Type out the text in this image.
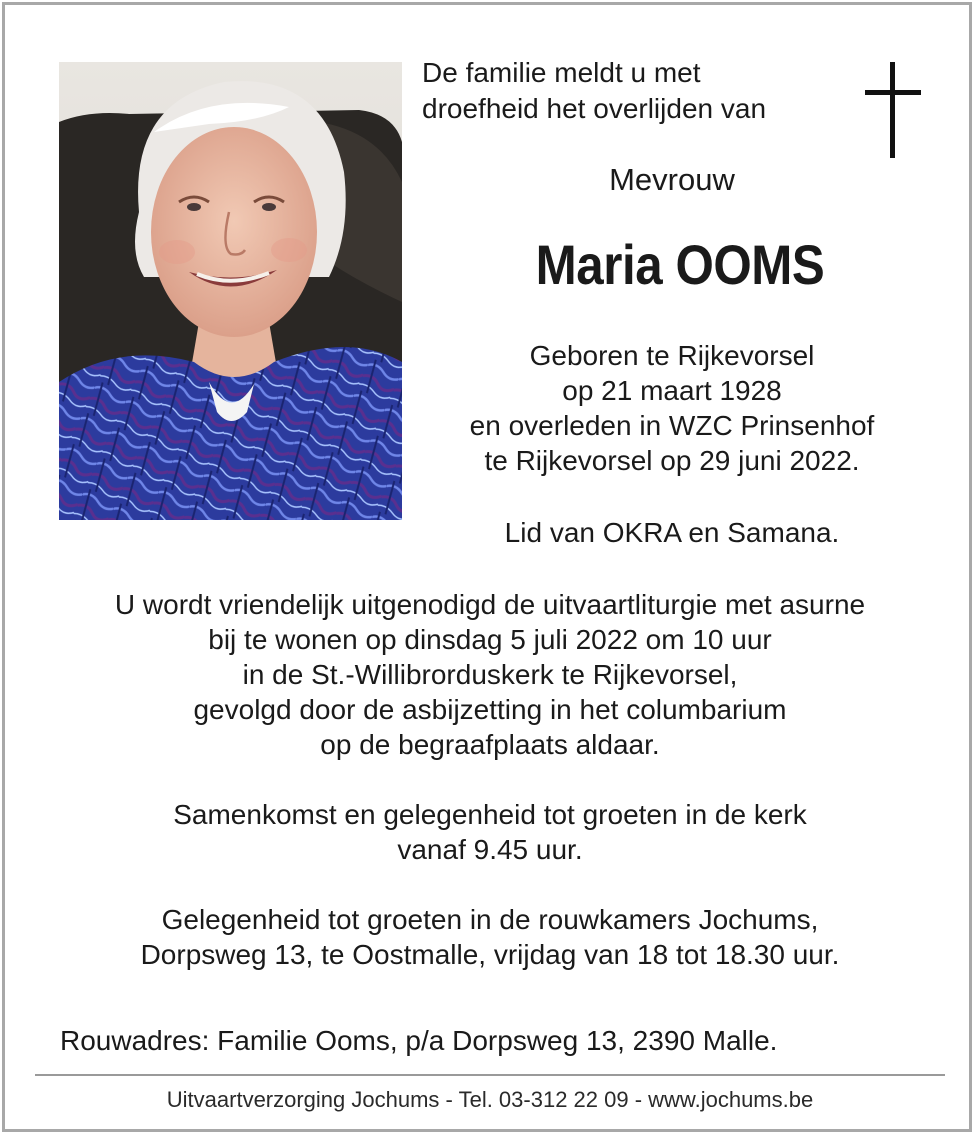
De familie meldt u met
droefheid het overlijden van
Mevrouw
Maria OOMS
Geboren te Rijkevorsel
op 21 maart 1928
en overleden in WZC Prinsenhof
te Rijkevorsel op 29 juni 2022.
Lid van OKRA en Samana.
U wordt vriendelijk uitgenodigd de uitvaartliturgie met asurne
bij te wonen op dinsdag 5 juli 2022 om 10 uur
in de St.-Willibrorduskerk te Rijkevorsel,
gevolgd door de asbijzetting in het columbarium
op de begraafplaats aldaar.
Samenkomst en gelegenheid tot groeten in de kerk
vanaf 9.45 uur.
Gelegenheid tot groeten in de rouwkamers Jochums,
Dorpsweg 13, te Oostmalle, vrijdag van 18 tot 18.30 uur.
Rouwadres: Familie Ooms, p/a Dorpsweg 13, 2390 Malle.
Uitvaartverzorging Jochums - Tel. 03-312 22 09 - www.jochums.be
